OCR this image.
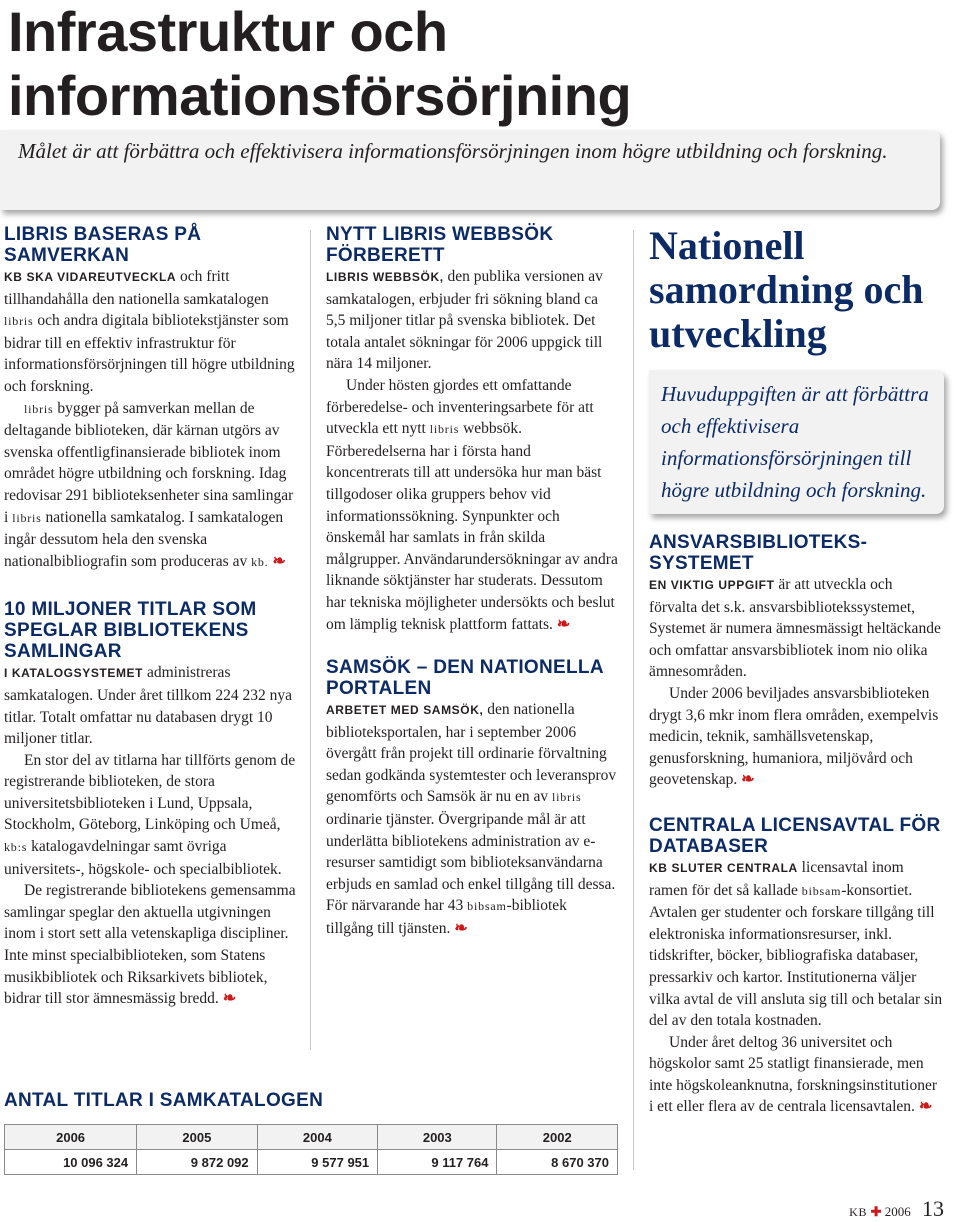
Infrastruktur och
informationsförsörjning
Målet är att förbättra och effektivisera informationsförsörjningen inom högre utbildning och forskning.
LIBRIS BASERAS PÅ SAMVERKAN

KB SKA VIDAREUTVECKLA och fritt tillhandahålla den nationella samkatalogen libris och andra digitala bibliotekstjänster som bidrar till en effektiv infrastruktur för informationsförsörjningen till högre utbildning och forskning.

libris bygger på samverkan mellan de deltagande biblioteken, där kärnan utgörs av svenska offentligfinansierade bibliotek inom området högre utbildning och forskning. Idag redovisar 291 biblioteksenheter sina samlingar i libris nationella samkatalog. I samkatalogen ingår dessutom hela den svenska nationalbibliografin som produceras av kb. ❧

10 MILJONER TITLAR SOM SPEGLAR BIBLIOTEKENS SAMLINGAR

I KATALOGSYSTEMET administreras samkatalogen. Under året tillkom 224 232 nya titlar. Totalt omfattar nu databasen drygt 10 miljoner titlar.

En stor del av titlarna har tillförts genom de registrerande biblioteken, de stora universitetsbiblioteken i Lund, Uppsala, Stockholm, Göteborg, Linköping och Umeå, kb:s katalogavdelningar samt övriga universitets-, högskole- och specialbibliotek.

De registrerande bibliotekens gemensamma samlingar speglar den aktuella utgivningen inom i stort sett alla vetenskapliga discipliner. Inte minst specialbiblioteken, som Statens musikbibliotek och Riksarkivets bibliotek, bidrar till stor ämnesmässig bredd. ❧

NYTT LIBRIS WEBBSÖK FÖRBERETT

LIBRIS WEBBSÖK, den publika versionen av samkatalogen, erbjuder fri sökning bland ca 5,5 miljoner titlar på svenska bibliotek. Det totala antalet sökningar för 2006 uppgick till nära 14 miljoner.

Under hösten gjordes ett omfattande förberedelse- och inventeringsarbete för att utveckla ett nytt libris webbsök. Förberedelserna har i första hand koncentrerats till att undersöka hur man bäst tillgodoser olika gruppers behov vid informationssökning. Synpunkter och önskemål har samlats in från skilda målgrupper. Användarundersökningar av andra liknande söktjänster har studerats. Dessutom har tekniska möjligheter undersökts och beslut om lämplig teknisk plattform fattats. ❧

SAMSÖK – DEN NATIONELLA PORTALEN

ARBETET MED SAMSÖK, den nationella biblioteksportalen, har i september 2006 övergått från projekt till ordinarie förvaltning sedan godkända systemtester och leveransprov genomförts och Samsök är nu en av libris ordinarie tjänster. Övergripande mål är att underlätta bibliotekens administration av e-resurser samtidigt som biblioteksanvändarna erbjuds en samlad och enkel tillgång till dessa. För närvarande har 43 bibsam-bibliotek tillgång till tjänsten. ❧

Nationell samordning och utveckling

Huvuduppgiften är att förbättra och effektivisera informationsförsörjningen till högre utbildning och forskning.

ANSVARSBIBLIOTEKS-SYSTEMET

EN VIKTIG UPPGIFT är att utveckla och förvalta det s.k. ansvarsbibliotekssystemet, Systemet är numera ämnesmässigt heltäckande och omfattar ansvarsbibliotek inom nio olika ämnesområden.

Under 2006 beviljades ansvarsbiblioteken drygt 3,6 mkr inom flera områden, exempelvis medicin, teknik, samhällsvetenskap, genusforskning, humaniora, miljövård och geovetenskap. ❧

CENTRALA LICENSAVTAL FÖR DATABASER

KB SLUTER CENTRALA licensavtal inom ramen för det så kallade bibsam-konsortiet. Avtalen ger studenter och forskare tillgång till elektroniska informationsresurser, inkl. tidskrifter, böcker, bibliografiska databaser, pressarkiv och kartor. Institutionerna väljer vilka avtal de vill ansluta sig till och betalar sin del av den totala kostnaden.

Under året deltog 36 universitet och högskolor samt 25 statligt finansierade, men inte högskoleanknutna, forskningsinstitutioner i ett eller flera av de centrala licensavtalen. ❧

ANTAL TITLAR I SAMKATALOGEN
2006	2005	2004	2003	2002
10 096 324	9 872 092	9 577 951	9 117 764	8 670 370
KB ✚ 2006 13
